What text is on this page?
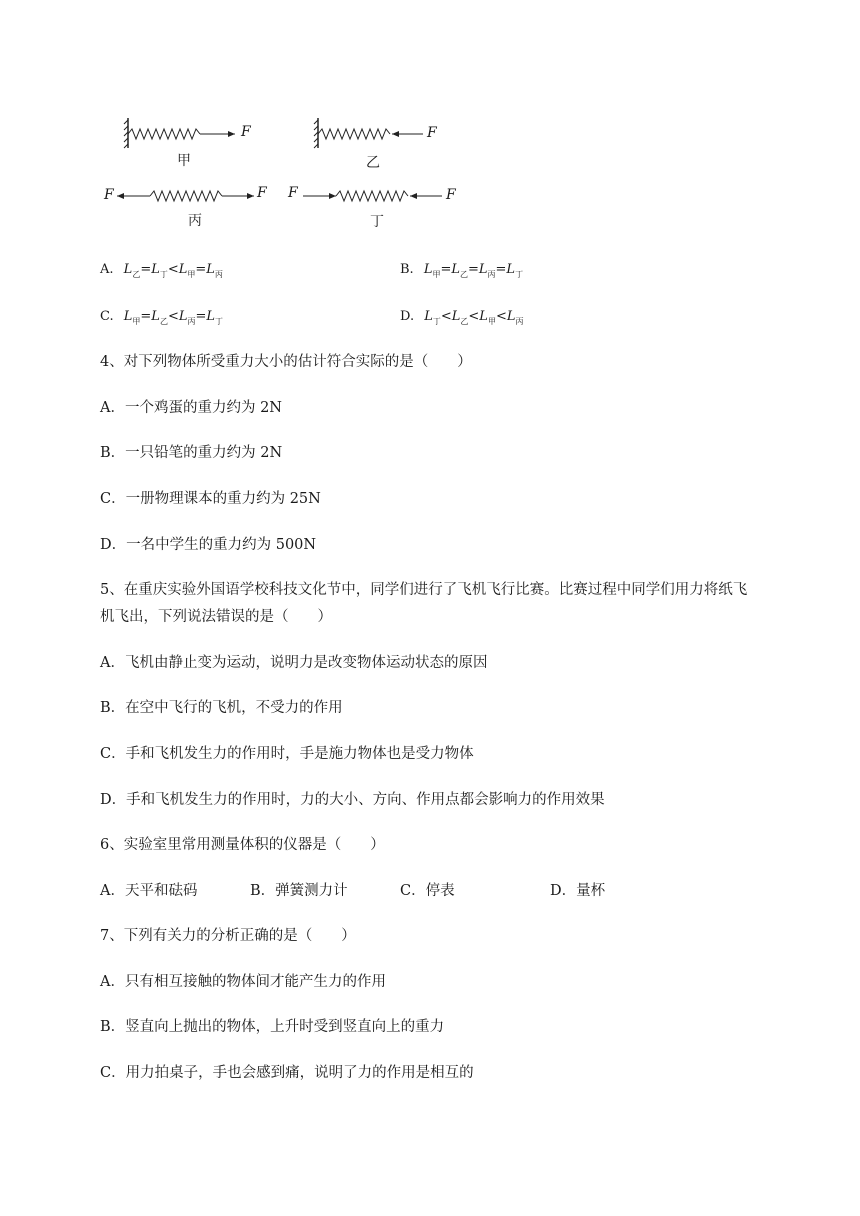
F
甲
F
乙
F	F
丙
F	F
丁
A. $L_乙=L_丁<L_甲=L_丙$	B. $L_甲=L_乙=L_丙=L_丁$
C. $L_甲=L_乙<L_丙=L_丁$	D. $L_丁<L_乙<L_甲<L_丙$
4、对下列物体所受重力大小的估计符合实际的是（　　）
A．一个鸡蛋的重力约为 2N
B．一只铅笔的重力约为 2N
C．一册物理课本的重力约为 25N
D．一名中学生的重力约为 500N
5、在重庆实验外国语学校科技文化节中，同学们进行了飞机飞行比赛。比赛过程中同学们用力将纸飞
机飞出，下列说法错误的是（　　）
A．飞机由静止变为运动，说明力是改变物体运动状态的原因
B．在空中飞行的飞机，不受力的作用
C．手和飞机发生力的作用时，手是施力物体也是受力物体
D．手和飞机发生力的作用时，力的大小、方向、作用点都会影响力的作用效果
6、实验室里常用测量体积的仪器是（　　）
A．天平和砝码	B．弹簧测力计	C．停表	D．量杯
7、下列有关力的分析正确的是（　　）
A．只有相互接触的物体间才能产生力的作用
B．竖直向上抛出的物体，上升时受到竖直向上的重力
C．用力拍桌子，手也会感到痛，说明了力的作用是相互的
